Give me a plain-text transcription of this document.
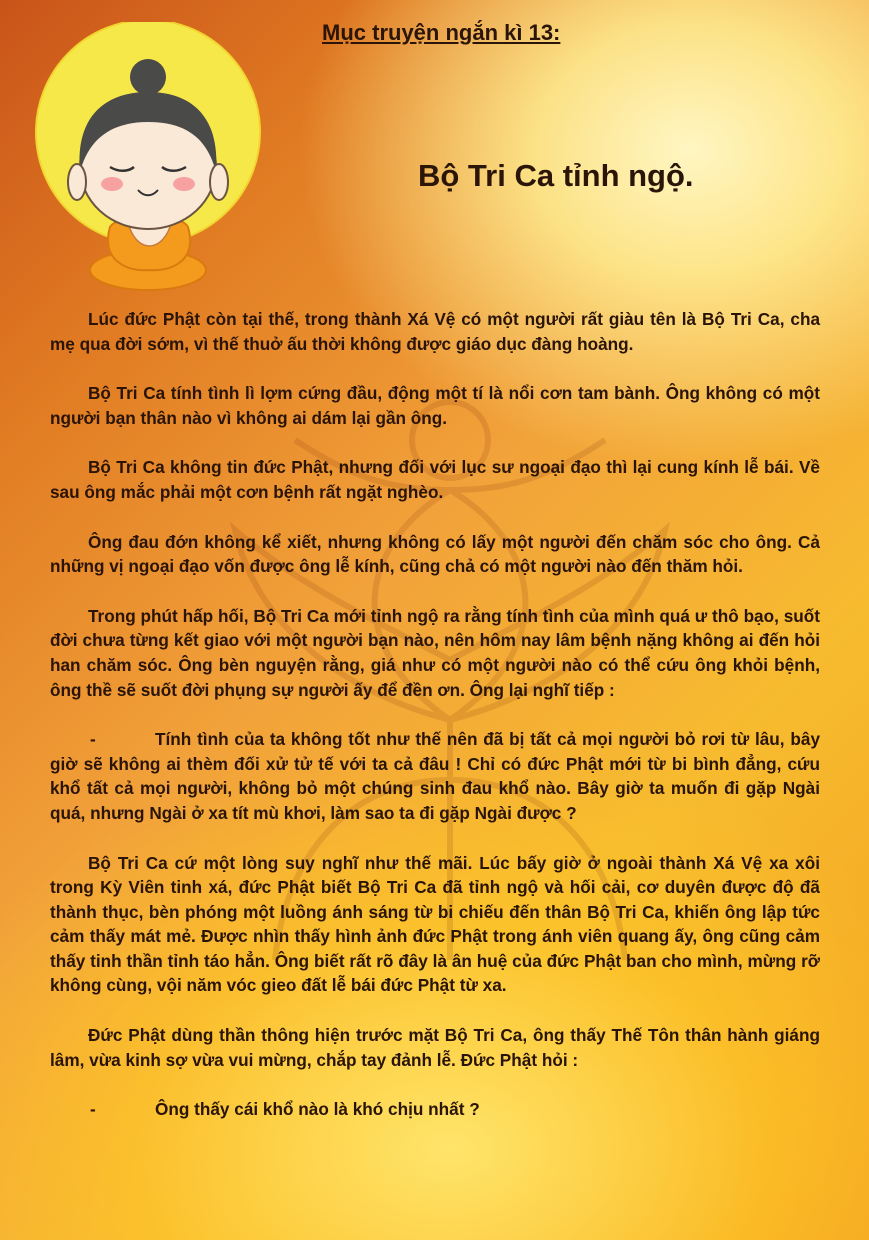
Mục truyện ngắn kì 13:
Bộ Tri Ca tỉnh ngộ.

Lúc đức Phật còn tại thế, trong thành Xá Vệ có một người rất giàu tên là Bộ Tri Ca, cha mẹ qua đời sớm, vì thế thuở ấu thời không được giáo dục đàng hoàng.

Bộ Tri Ca tính tình lì lợm cứng đầu, động một tí là nổi cơn tam bành. Ông không có một người bạn thân nào vì không ai dám lại gần ông.

Bộ Tri Ca không tin đức Phật, nhưng đối với lục sư ngoại đạo thì lại cung kính lễ bái. Về sau ông mắc phải một cơn bệnh rất ngặt nghèo.

Ông đau đớn không kể xiết, nhưng không có lấy một người đến chăm sóc cho ông. Cả những vị ngoại đạo vốn được ông lễ kính, cũng chả có một người nào đến thăm hỏi.

Trong phút hấp hối, Bộ Tri Ca mới tỉnh ngộ ra rằng tính tình của mình quá ư thô bạo, suốt đời chưa từng kết giao với một người bạn nào, nên hôm nay lâm bệnh nặng không ai đến hỏi han chăm sóc. Ông bèn nguyện rằng, giá như có một người nào có thể cứu ông khỏi bệnh, ông thề sẽ suốt đời phụng sự người ấy để đền ơn. Ông lại nghĩ tiếp :

-	Tính tình của ta không tốt như thế nên đã bị tất cả mọi người bỏ rơi từ lâu, bây giờ sẽ không ai thèm đối xử tử tế với ta cả đâu ! Chỉ có đức Phật mới từ bi bình đẳng, cứu khổ tất cả mọi người, không bỏ một chúng sinh đau khổ nào. Bây giờ ta muốn đi gặp Ngài quá, nhưng Ngài ở xa tít mù khơi, làm sao ta đi gặp Ngài được ?

Bộ Tri Ca cứ một lòng suy nghĩ như thế mãi. Lúc bấy giờ ở ngoài thành Xá Vệ xa xôi trong Kỳ Viên tinh xá, đức Phật biết Bộ Tri Ca đã tỉnh ngộ và hối cải, cơ duyên được độ đã thành thục, bèn phóng một luồng ánh sáng từ bi chiếu đến thân Bộ Tri Ca, khiến ông lập tức cảm thấy mát mẻ. Được nhìn thấy hình ảnh đức Phật trong ánh viên quang ấy, ông cũng cảm thấy tinh thần tỉnh táo hẳn. Ông biết rất rõ đây là ân huệ của đức Phật ban cho mình, mừng rỡ không cùng, vội năm vóc gieo đất lễ bái đức Phật từ xa.

Đức Phật dùng thần thông hiện trước mặt Bộ Tri Ca, ông thấy Thế Tôn thân hành giáng lâm, vừa kinh sợ vừa vui mừng, chắp tay đảnh lễ. Đức Phật hỏi :

-	Ông thấy cái khổ nào là khó chịu nhất ?
